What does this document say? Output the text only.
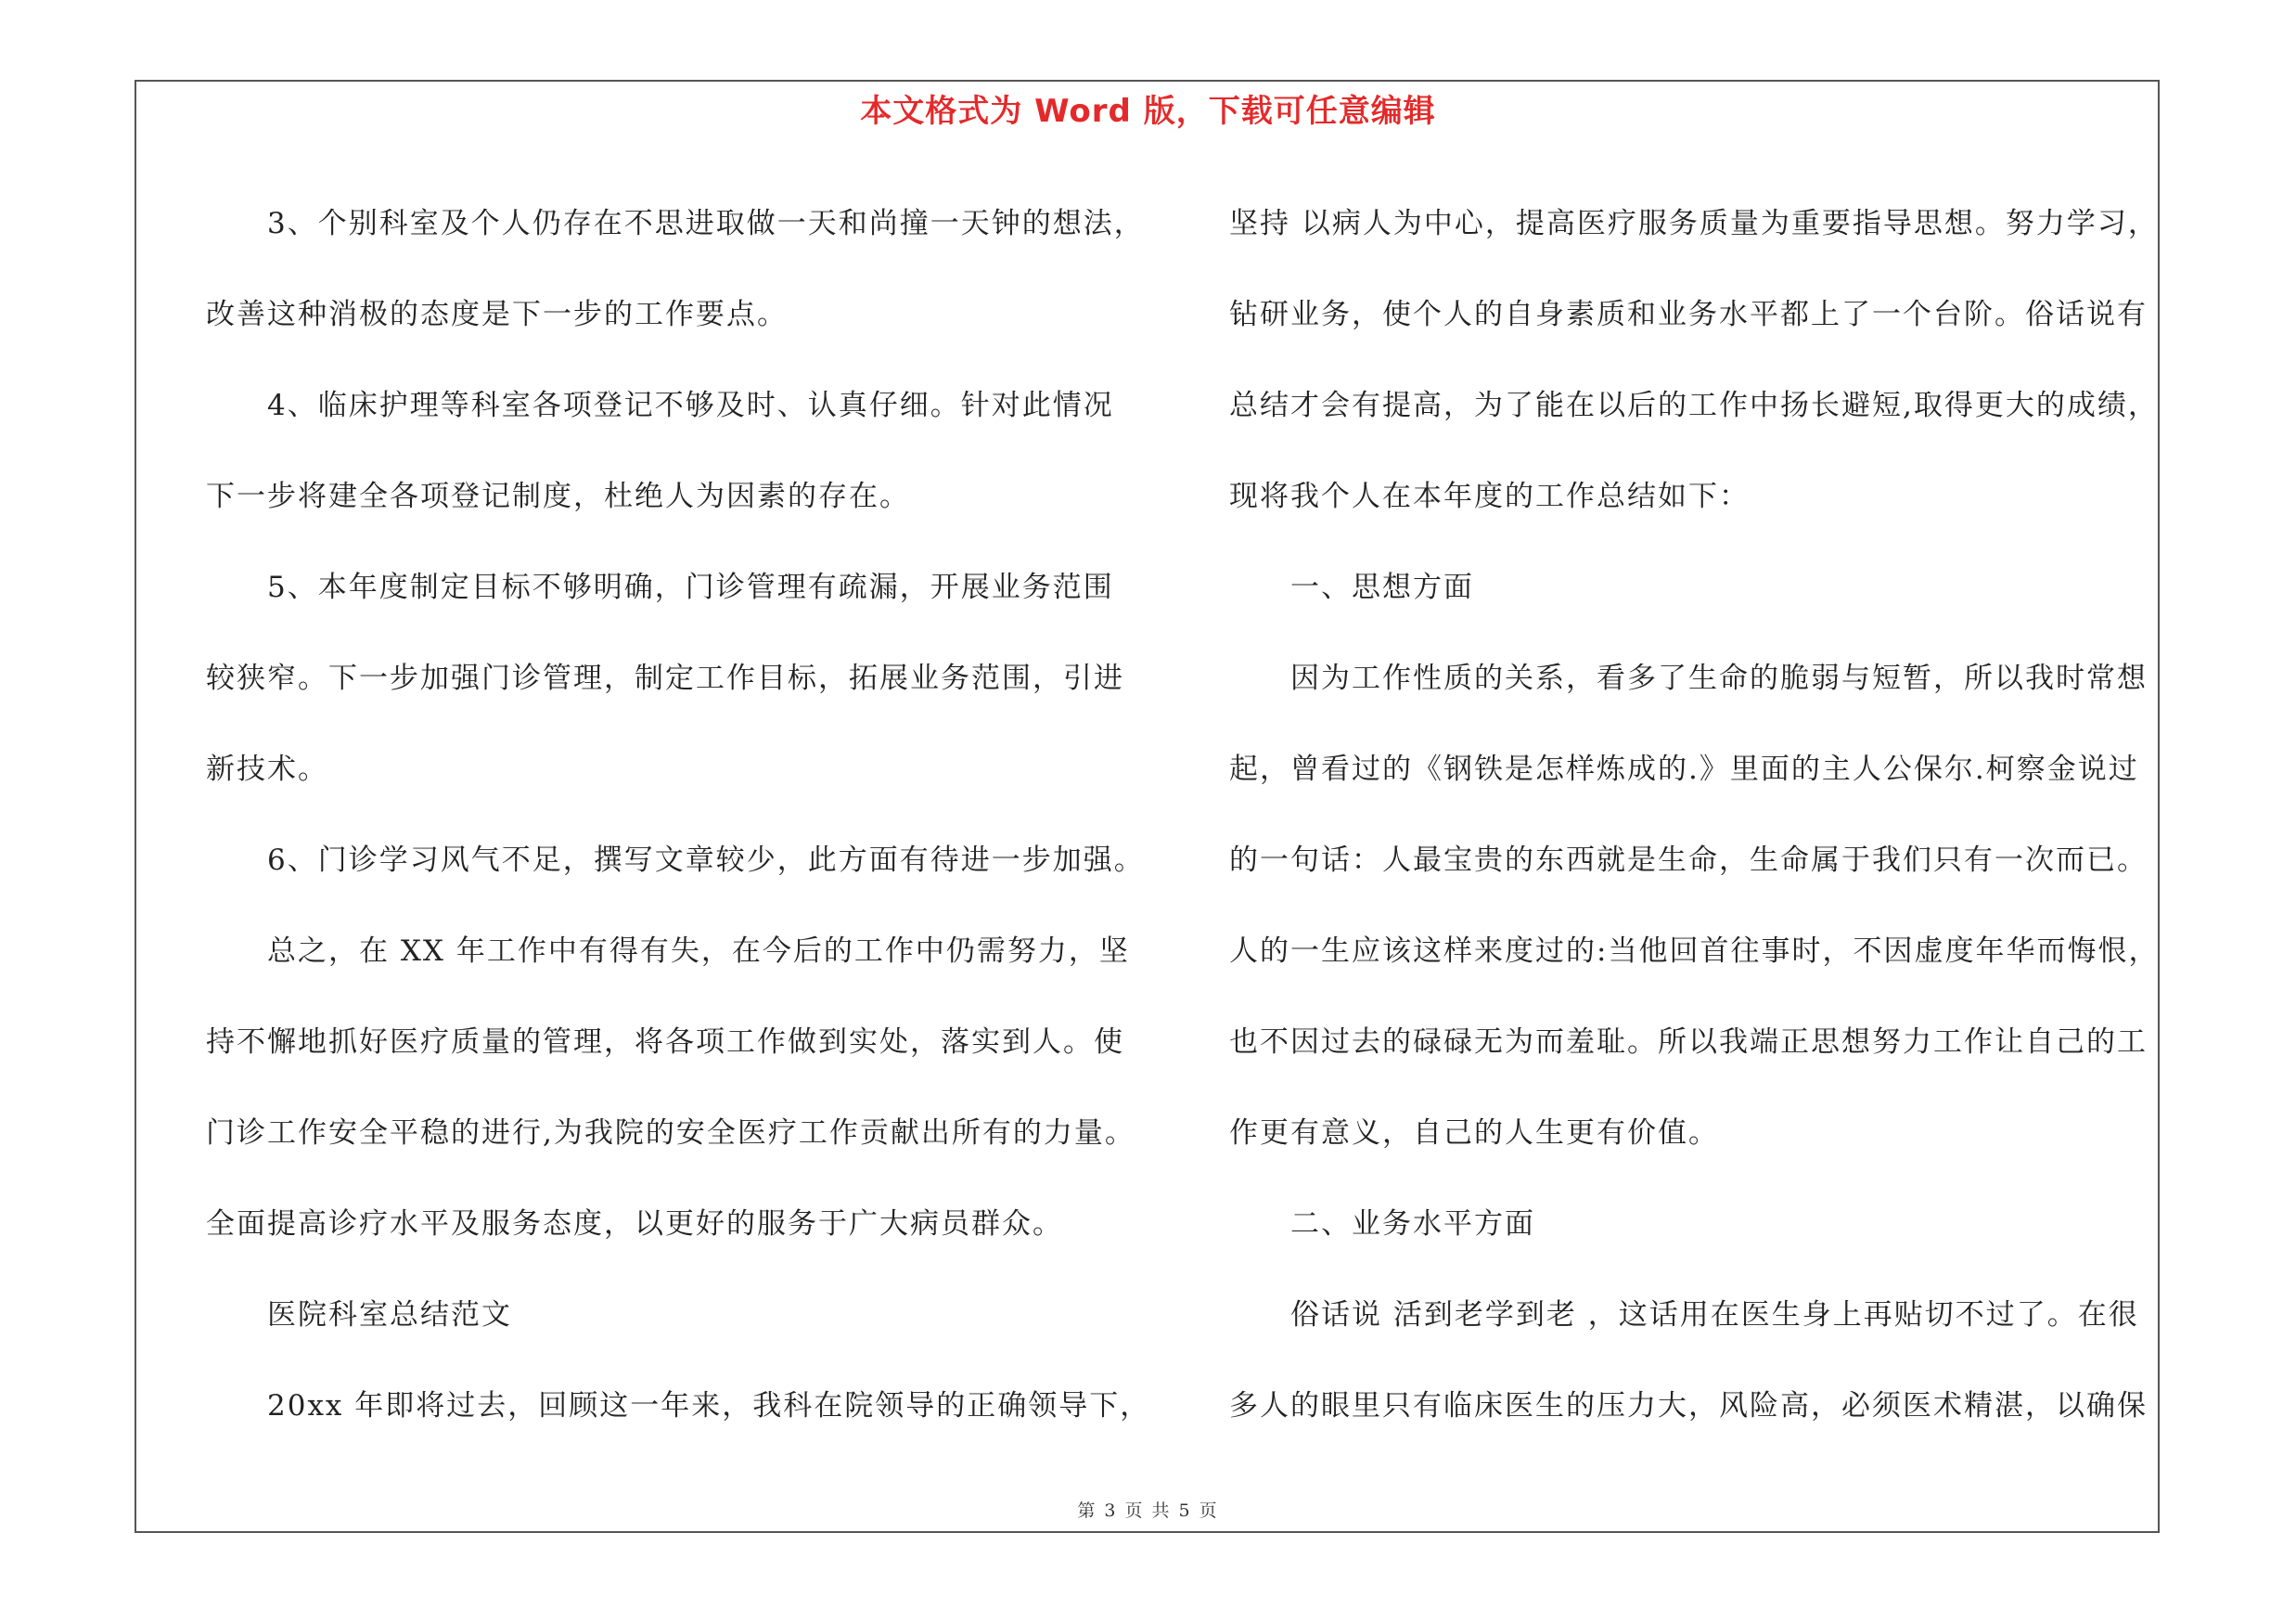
本文格式为 Word 版，下载可任意编辑
3、个别科室及个人仍存在不思进取做一天和尚撞一天钟的想法，
改善这种消极的态度是下一步的工作要点。
4、临床护理等科室各项登记不够及时、认真仔细。针对此情况
下一步将建全各项登记制度，杜绝人为因素的存在。
5、本年度制定目标不够明确，门诊管理有疏漏，开展业务范围
较狭窄。下一步加强门诊管理，制定工作目标，拓展业务范围，引进
新技术。
6、门诊学习风气不足，撰写文章较少，此方面有待进一步加强。
总之，在 XX 年工作中有得有失，在今后的工作中仍需努力，坚
持不懈地抓好医疗质量的管理，将各项工作做到实处，落实到人。使
门诊工作安全平稳的进行,为我院的安全医疗工作贡献出所有的力量。
全面提高诊疗水平及服务态度，以更好的服务于广大病员群众。
医院科室总结范文
20xx 年即将过去，回顾这一年来，我科在院领导的正确领导下，
坚持 以病人为中心，提高医疗服务质量为重要指导思想。努力学习，
钻研业务，使个人的自身素质和业务水平都上了一个台阶。俗话说有
总结才会有提高，为了能在以后的工作中扬长避短,取得更大的成绩，
现将我个人在本年度的工作总结如下：
一、思想方面
因为工作性质的关系，看多了生命的脆弱与短暂，所以我时常想
起，曾看过的《钢铁是怎样炼成的.》里面的主人公保尔.柯察金说过
的一句话：人最宝贵的东西就是生命，生命属于我们只有一次而已。
人的一生应该这样来度过的:当他回首往事时，不因虚度年华而悔恨，
也不因过去的碌碌无为而羞耻。所以我端正思想努力工作让自己的工
作更有意义，自己的人生更有价值。
二、业务水平方面
俗话说 活到老学到老 ，这话用在医生身上再贴切不过了。在很
多人的眼里只有临床医生的压力大，风险高，必须医术精湛，以确保
第 3 页 共 5 页
